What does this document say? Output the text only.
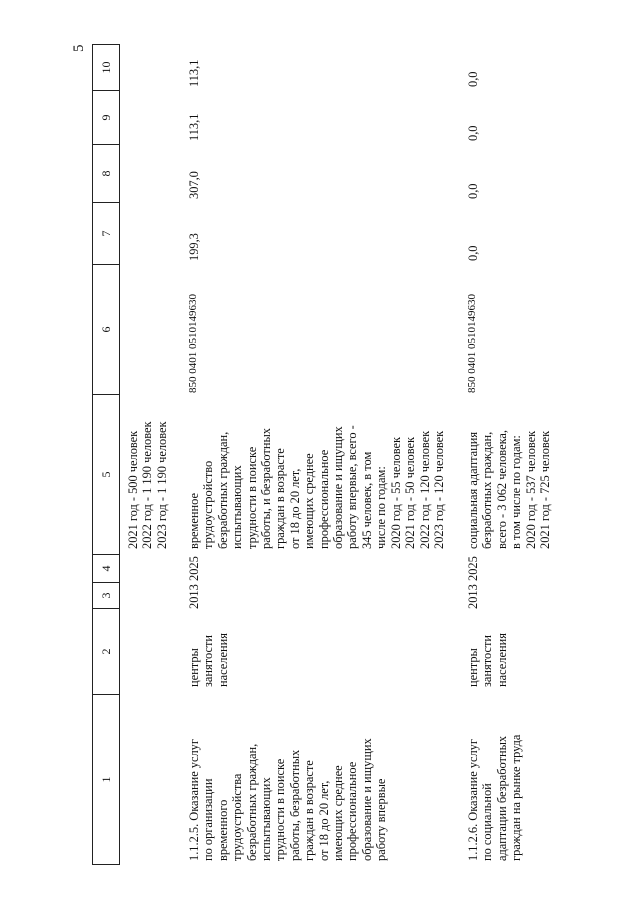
5
1
2
3
4
5
6
7
8
9
10
2021 год - 500 человек 2022 год - 1 190 человек 2023 год - 1 190 человек
1.1.2.5. Оказание услуг по организации временного трудоустройства безработных граждан, испытывающих трудности в поиске работы, безработных граждан в возрасте от 18 до 20 лет, имеющих среднее профессиональное образование и ищущих работу впервые
центры занятости населения
2013
2025
временное трудоустройство безработных граждан, испытывающих трудности в поиске работы, и безработных граждан в возрасте от 18 до 20 лет, имеющих среднее профессиональное образование и ищущих работу впервые, всего - 345 человек, в том числе по годам: 2020 год - 55 человек 2021 год - 50 человек 2022 год - 120 человек 2023 год - 120 человек
850 0401 0510149630
199,3
307,0
113,1
113,1
1.1.2.6. Оказание услуг по социальной адаптации безработных граждан на рынке труда
центры занятости населения
2013
2025
социальная адаптация безработных граждан, всего - 3 062 человека, в том числе по годам: 2020 год - 537 человек 2021 год - 725 человек
850 0401 0510149630
0,0
0,0
0,0
0,0
